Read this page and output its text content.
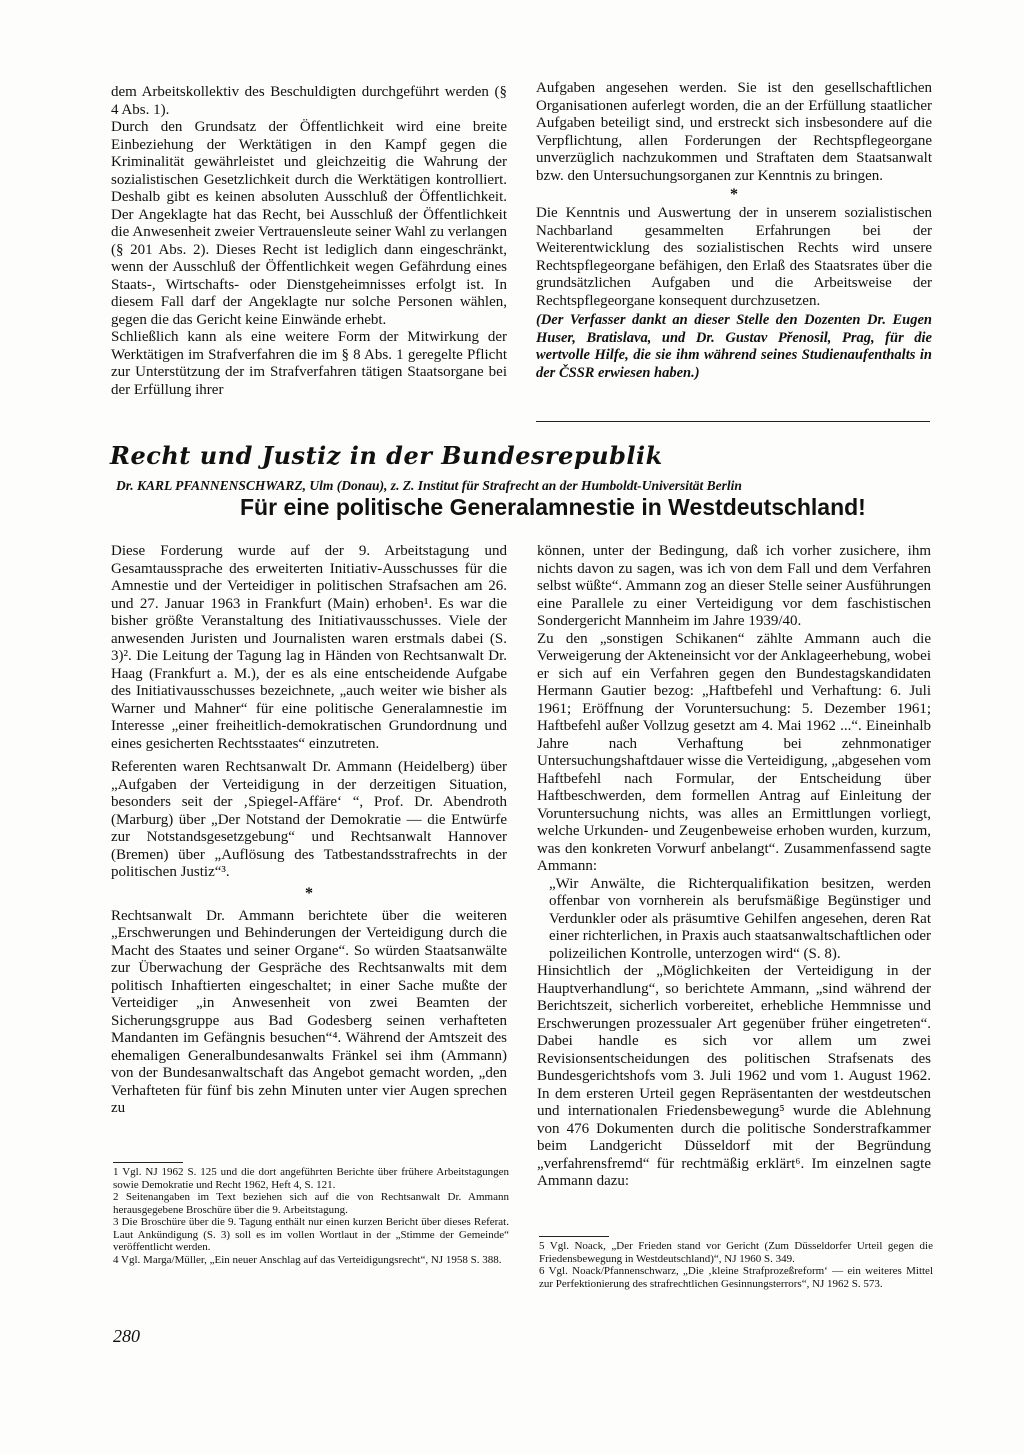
dem Arbeitskollektiv des Beschuldigten durchgeführt werden (§ 4 Abs. 1).

Durch den Grundsatz der Öffentlichkeit wird eine breite Einbeziehung der Werktätigen in den Kampf gegen die Kriminalität gewährleistet und gleichzeitig die Wahrung der sozialistischen Gesetzlichkeit durch die Werktätigen kontrolliert. Deshalb gibt es keinen absoluten Ausschluß der Öffentlichkeit. Der Angeklagte hat das Recht, bei Ausschluß der Öffentlichkeit die Anwesenheit zweier Vertrauensleute seiner Wahl zu verlangen (§ 201 Abs. 2). Dieses Recht ist lediglich dann eingeschränkt, wenn der Ausschluß der Öffentlichkeit wegen Gefährdung eines Staats-, Wirtschafts- oder Dienstgeheimnisses erfolgt ist. In diesem Fall darf der Angeklagte nur solche Personen wählen, gegen die das Gericht keine Einwände erhebt.

Schließlich kann als eine weitere Form der Mitwirkung der Werktätigen im Strafverfahren die im § 8 Abs. 1 geregelte Pflicht zur Unterstützung der im Strafverfahren tätigen Staatsorgane bei der Erfüllung ihrer

Aufgaben angesehen werden. Sie ist den gesellschaftlichen Organisationen auferlegt worden, die an der Erfüllung staatlicher Aufgaben beteiligt sind, und erstreckt sich insbesondere auf die Verpflichtung, allen Forderungen der Rechtspflegeorgane unverzüglich nachzukommen und Straftaten dem Staatsanwalt bzw. den Untersuchungsorganen zur Kenntnis zu bringen.

*

Die Kenntnis und Auswertung der in unserem sozialistischen Nachbarland gesammelten Erfahrungen bei der Weiterentwicklung des sozialistischen Rechts wird unsere Rechtspflegeorgane befähigen, den Erlaß des Staatsrates über die grundsätzlichen Aufgaben und die Arbeitsweise der Rechtspflegeorgane konsequent durchzusetzen.

(Der Verfasser dankt an dieser Stelle den Dozenten Dr. Eugen Huser, Bratislava, und Dr. Gustav Přenosil, Prag, für die wertvolle Hilfe, die sie ihm während seines Studienaufenthalts in der ČSSR erwiesen haben.)

Recht und Justiz in der Bundesrepublik
Dr. KARL PFANNENSCHWARZ, Ulm (Donau), z. Z. Institut für Strafrecht an der Humboldt-Universität Berlin
Für eine politische Generalamnestie in Westdeutschland!

Diese Forderung wurde auf der 9. Arbeitstagung und Gesamtaussprache des erweiterten Initiativ-Ausschusses für die Amnestie und der Verteidiger in politischen Strafsachen am 26. und 27. Januar 1963 in Frankfurt (Main) erhoben¹. Es war die bisher größte Veranstaltung des Initiativausschusses. Viele der anwesenden Juristen und Journalisten waren erstmals dabei (S. 3)². Die Leitung der Tagung lag in Händen von Rechtsanwalt Dr. Haag (Frankfurt a. M.), der es als eine entscheidende Aufgabe des Initiativausschusses bezeichnete, „auch weiter wie bisher als Warner und Mahner“ für eine politische Generalamnestie im Interesse „einer freiheitlich-demokratischen Grundordnung und eines gesicherten Rechtsstaates“ einzutreten.

Referenten waren Rechtsanwalt Dr. Ammann (Heidelberg) über „Aufgaben der Verteidigung in der derzeitigen Situation, besonders seit der ‚Spiegel-Affäre‘ “, Prof. Dr. Abendroth (Marburg) über „Der Notstand der Demokratie — die Entwürfe zur Notstandsgesetzgebung“ und Rechtsanwalt Hannover (Bremen) über „Auflösung des Tatbestandsstrafrechts in der politischen Justiz“³.

*

Rechtsanwalt Dr. Ammann berichtete über die weiteren „Erschwerungen und Behinderungen der Verteidigung durch die Macht des Staates und seiner Organe“. So würden Staatsanwälte zur Überwachung der Gespräche des Rechtsanwalts mit dem politisch Inhaftierten eingeschaltet; in einer Sache mußte der Verteidiger „in Anwesenheit von zwei Beamten der Sicherungsgruppe aus Bad Godesberg seinen verhafteten Mandanten im Gefängnis besuchen“⁴. Während der Amtszeit des ehemaligen Generalbundesanwalts Fränkel sei ihm (Ammann) von der Bundesanwaltschaft das Angebot gemacht worden, „den Verhafteten für fünf bis zehn Minuten unter vier Augen sprechen zu

1 Vgl. NJ 1962 S. 125 und die dort angeführten Berichte über frühere Arbeitstagungen sowie Demokratie und Recht 1962, Heft 4, S. 121.

2 Seitenangaben im Text beziehen sich auf die von Rechtsanwalt Dr. Ammann herausgegebene Broschüre über die 9. Arbeitstagung.

3 Die Broschüre über die 9. Tagung enthält nur einen kurzen Bericht über dieses Referat. Laut Ankündigung (S. 3) soll es im vollen Wortlaut in der „Stimme der Gemeinde“ veröffentlicht werden.

4 Vgl. Marga/Müller, „Ein neuer Anschlag auf das Verteidigungsrecht“, NJ 1958 S. 388.

können, unter der Bedingung, daß ich vorher zusichere, ihm nichts davon zu sagen, was ich von dem Fall und dem Verfahren selbst wüßte“. Ammann zog an dieser Stelle seiner Ausführungen eine Parallele zu einer Verteidigung vor dem faschistischen Sondergericht Mannheim im Jahre 1939/40.

Zu den „sonstigen Schikanen“ zählte Ammann auch die Verweigerung der Akteneinsicht vor der Anklageerhebung, wobei er sich auf ein Verfahren gegen den Bundestagskandidaten Hermann Gautier bezog: „Haftbefehl und Verhaftung: 6. Juli 1961; Eröffnung der Voruntersuchung: 5. Dezember 1961; Haftbefehl außer Vollzug gesetzt am 4. Mai 1962 ...“. Eineinhalb Jahre nach Verhaftung bei zehnmonatiger Untersuchungshaftdauer wisse die Verteidigung, „abgesehen vom Haftbefehl nach Formular, der Entscheidung über Haftbeschwerden, dem formellen Antrag auf Einleitung der Voruntersuchung nichts, was alles an Ermittlungen vorliegt, welche Urkunden- und Zeugenbeweise erhoben wurden, kurzum, was den konkreten Vorwurf anbelangt“. Zusammenfassend sagte Ammann:

„Wir Anwälte, die Richterqualifikation besitzen, werden offenbar von vornherein als berufsmäßige Begünstiger und Verdunkler oder als präsumtive Gehilfen angesehen, deren Rat einer richterlichen, in Praxis auch staatsanwaltschaftlichen oder polizeilichen Kontrolle, unterzogen wird“ (S. 8).

Hinsichtlich der „Möglichkeiten der Verteidigung in der Hauptverhandlung“, so berichtete Ammann, „sind während der Berichtszeit, sicherlich vorbereitet, erhebliche Hemmnisse und Erschwerungen prozessualer Art gegenüber früher eingetreten“. Dabei handle es sich vor allem um zwei Revisionsentscheidungen des politischen Strafsenats des Bundesgerichtshofs vom 3. Juli 1962 und vom 1. August 1962. In dem ersteren Urteil gegen Repräsentanten der westdeutschen und internationalen Friedensbewegung⁵ wurde die Ablehnung von 476 Dokumenten durch die politische Sonderstrafkammer beim Landgericht Düsseldorf mit der Begründung „verfahrensfremd“ für rechtmäßig erklärt⁶. Im einzelnen sagte Ammann dazu:

5 Vgl. Noack, „Der Frieden stand vor Gericht (Zum Düsseldorfer Urteil gegen die Friedensbewegung in Westdeutschland)“, NJ 1960 S. 349.

6 Vgl. Noack/Pfannenschwarz, „Die ‚kleine Strafprozeßreform‘ — ein weiteres Mittel zur Perfektionierung des strafrechtlichen Gesinnungsterrors“, NJ 1962 S. 573.

280
